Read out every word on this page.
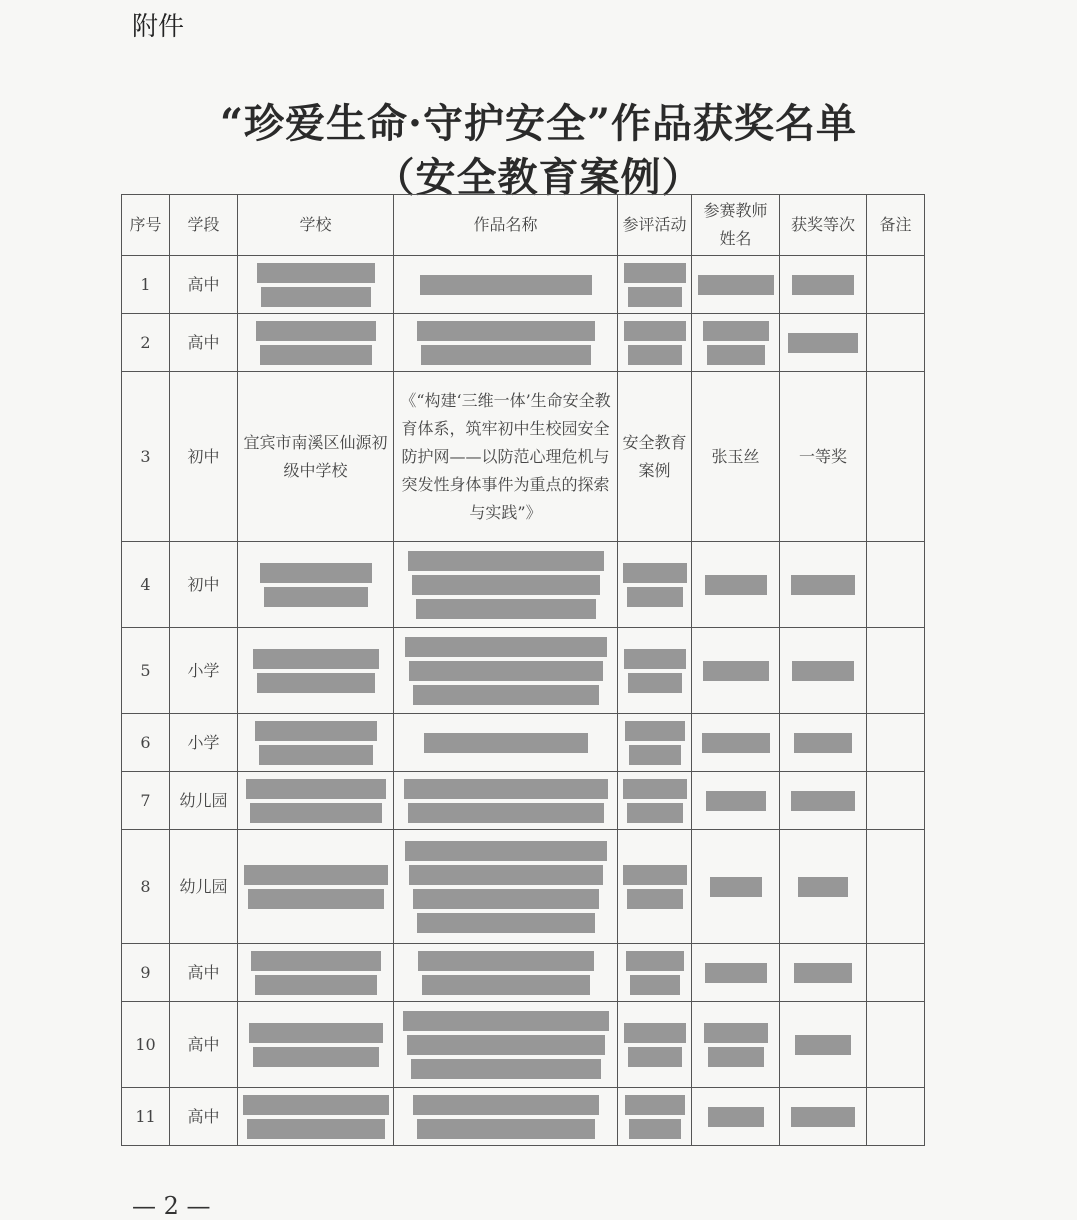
附件
“珍爱生命·守护安全”作品获奖名单
（安全教育案例）
序号	学段	学校	作品名称	参评活动	参赛教师姓名	获奖等次	备注
1	高中	

2	高中	

3	初中	宜宾市南溪区仙源初级中学校	《“构建‘三维一体’生命安全教育体系，筑牢初中生校园安全防护网——以防范心理危机与突发性身体事件为重点的探索与实践”》	安全教育案例	张玉丝	一等奖	
4	初中	

5	小学	

6	小学	

7	幼儿园	

8	幼儿园	

9	高中	

10	高中	

11	高中	

— 2 —
